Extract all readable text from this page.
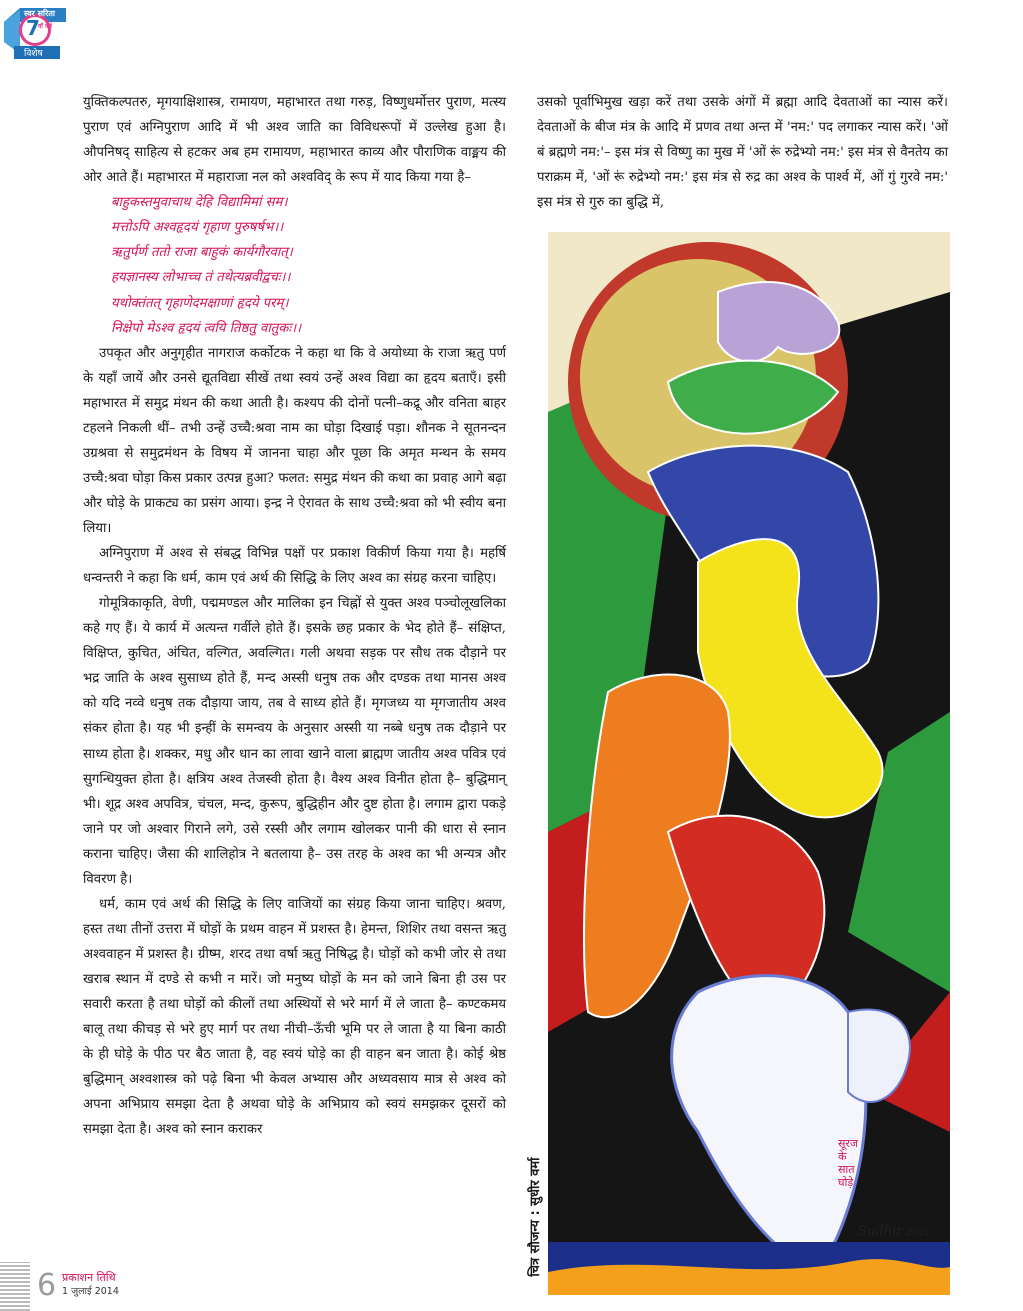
स्वर सरिता
7
वाँ वर्ष
विशेष

युक्तिकल्पतरु, मृगयाक्षिशास्त्र, रामायण, महाभारत तथा गरुड़, विष्णुधर्मोत्तर पुराण, मत्स्य पुराण एवं अग्निपुराण आदि में भी अश्व जाति का विविधरूपों में उल्लेख हुआ है। औपनिषद् साहित्य से हटकर अब हम रामायण, महाभारत काव्य और पौराणिक वाङ्मय की ओर आते हैं। महाभारत में महाराजा नल को अश्वविद् के रूप में याद किया गया है–

बाहुकस्तमुवाचाथ देहि विद्यामिमां सम।
मत्तोऽपि अश्वहृदयं गृहाण पुरुषर्षभ।।
ऋतुर्पर्ण ततो राजा बाहुकं कार्यगौरवात्।
हयज्ञानस्य लोभाच्च तं तथेत्यब्रवीद्वचः।।
यथोक्तंतत् गृहाणेदमक्षाणां हृदये परम्।
निक्षेपो मेऽश्व हृदयं त्वयि तिष्ठतु वातुकः।।

उपकृत और अनुगृहीत नागराज कर्कोटक ने कहा था कि वे अयोध्या के राजा ऋतु पर्ण के यहाँ जायें और उनसे द्यूतविद्या सीखें तथा स्वयं उन्हें अश्व विद्या का हृदय बताएँ। इसी महाभारत में समुद्र मंथन की कथा आती है। कश्यप की दोनों पत्नी–कद्रू और वनिता बाहर टहलने निकली थीं– तभी उन्हें उच्चै:श्रवा नाम का घोड़ा दिखाई पड़ा। शौनक ने सूतनन्दन उग्रश्रवा से समुद्रमंथन के विषय में जानना चाहा और पूछा कि अमृत मन्थन के समय उच्चै:श्रवा घोड़ा किस प्रकार उत्पन्न हुआ? फलत: समुद्र मंथन की कथा का प्रवाह आगे बढ़ा और घोड़े के प्राकट्य का प्रसंग आया। इन्द्र ने ऐरावत के साथ उच्चै:श्रवा को भी स्वीय बना लिया।

अग्निपुराण में अश्व से संबद्ध विभिन्न पक्षों पर प्रकाश विकीर्ण किया गया है। महर्षि धन्वन्तरी ने कहा कि धर्म, काम एवं अर्थ की सिद्धि के लिए अश्व का संग्रह करना चाहिए।

गोमूत्रिकाकृति, वेणी, पद्ममण्डल और मालिका इन चिह्नों से युक्त अश्व पञ्चोलूखलिका कहे गए हैं। ये कार्य में अत्यन्त गर्वीले होते हैं। इसके छह प्रकार के भेद होते हैं– संक्षिप्त, विक्षिप्त, कुचित, अंचित, वल्गित, अवल्गित। गली अथवा सड़क पर सौध तक दौड़ाने पर भद्र जाति के अश्व सुसाध्य होते हैं, मन्द अस्सी धनुष तक और दण्डक तथा मानस अश्व को यदि नव्वे धनुष तक दौड़ाया जाय, तब वे साध्य होते हैं। मृगजध्य या मृगजातीय अश्व संकर होता है। यह भी इन्हीं के समन्वय के अनुसार अस्सी या नब्बे धनुष तक दौड़ाने पर साध्य होता है। शक्कर, मधु और धान का लावा खाने वाला ब्राह्मण जातीय अश्व पवित्र एवं सुगन्धियुक्त होता है। क्षत्रिय अश्व तेजस्वी होता है। वैश्य अश्व विनीत होता है– बुद्धिमान् भी। शूद्र अश्व अपवित्र, चंचल, मन्द, कुरूप, बुद्धिहीन और दुष्ट होता है। लगाम द्वारा पकड़े जाने पर जो अश्वार गिराने लगे, उसे रस्सी और लगाम खोलकर पानी की धारा से स्नान कराना चाहिए। जैसा की शालिहोत्र ने बतलाया है– उस तरह के अश्व का भी अन्यत्र और विवरण है।

धर्म, काम एवं अर्थ की सिद्धि के लिए वाजियों का संग्रह किया जाना चाहिए। श्रवण, हस्त तथा तीनों उत्तरा में घोड़ों के प्रथम वाहन में प्रशस्त है। हेमन्त, शिशिर तथा वसन्त ऋतु अश्ववाहन में प्रशस्त है। ग्रीष्म, शरद तथा वर्षा ऋतु निषिद्ध है। घोड़ों को कभी जोर से तथा खराब स्थान में दण्डे से कभी न मारें। जो मनुष्य घोड़ों के मन को जाने बिना ही उस पर सवारी करता है तथा घोड़ों को कीलों तथा अस्थियों से भरे मार्ग में ले जाता है– कण्टकमय बालू तथा कीचड़ से भरे हुए मार्ग पर तथा नीची–ऊँची भूमि पर ले जाता है या बिना काठी के ही घोड़े के पीठ पर बैठ जाता है, वह स्वयं घोड़े का ही वाहन बन जाता है। कोई श्रेष्ठ बुद्धिमान् अश्वशास्त्र को पढ़े बिना भी केवल अभ्यास और अध्यवसाय मात्र से अश्व को अपना अभिप्राय समझा देता है अथवा घोड़े के अभिप्राय को स्वयं समझकर दूसरों को समझा देता है। अश्व को स्नान कराकर

उसको पूर्वाभिमुख खड़ा करें तथा उसके अंगों में ब्रह्मा आदि देवताओं का न्यास करें। देवताओं के बीज मंत्र के आदि में प्रणव तथा अन्त में 'नम:' पद लगाकर न्यास करें। 'ओं बं ब्रह्मणे नम:'– इस मंत्र से विष्णु का मुख में 'ओं रूं रुद्रेभ्यो नम:' इस मंत्र से वैनतेय का पराक्रम में, 'ओं रूं रुद्रेभ्यो नम:' इस मंत्र से रुद्र का अश्व के पार्श्व में, ओं गुं गुरवे नम:' इस मंत्र से गुरु का बुद्धि में,

सूरज
के
सात
घोड़े
Sudhir 2k25
चित्र सौजन्य : सुधीर वर्मा
6 प्रकाशन तिथि
1 जुलाई 2014
